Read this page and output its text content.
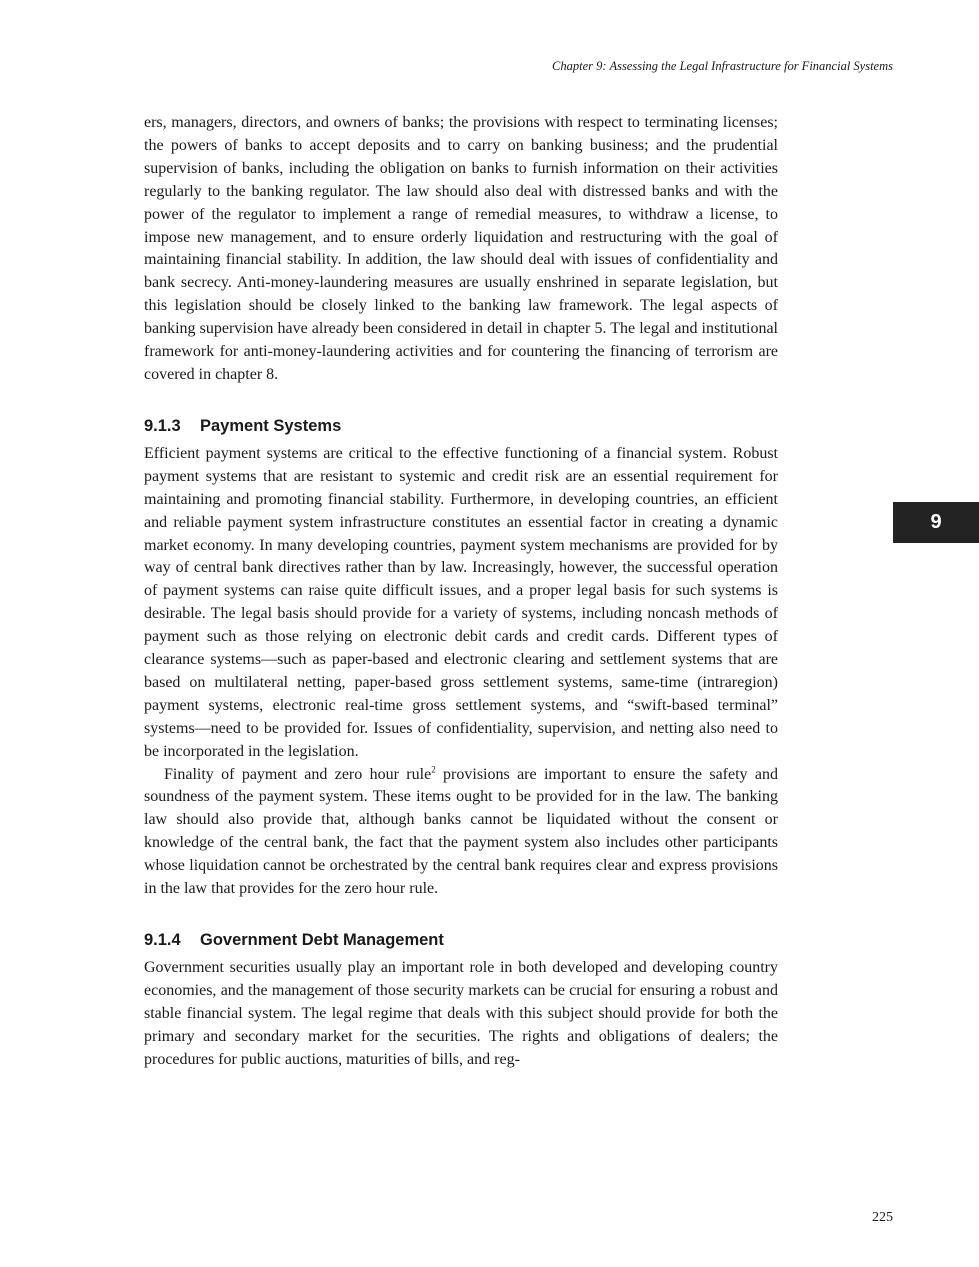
Chapter 9: Assessing the Legal Infrastructure for Financial Systems
9

ers, managers, directors, and owners of banks; the provisions with respect to terminating licenses; the powers of banks to accept deposits and to carry on banking business; and the prudential supervision of banks, including the obligation on banks to furnish information on their activities regularly to the banking regulator. The law should also deal with distressed banks and with the power of the regulator to implement a range of remedial measures, to withdraw a license, to impose new management, and to ensure orderly liquidation and restructuring with the goal of maintaining financial stability. In addition, the law should deal with issues of confidentiality and bank secrecy. Anti-money-laundering measures are usually enshrined in separate legislation, but this legislation should be closely linked to the banking law framework. The legal aspects of banking supervision have already been considered in detail in chapter 5. The legal and institutional framework for anti-money-laundering activities and for countering the financing of terrorism are covered in chapter 8.

9.1.3	Payment Systems

Efficient payment systems are critical to the effective functioning of a financial system. Robust payment systems that are resistant to systemic and credit risk are an essential requirement for maintaining and promoting financial stability. Furthermore, in developing countries, an efficient and reliable payment system infrastructure constitutes an essential factor in creating a dynamic market economy. In many developing countries, payment system mechanisms are provided for by way of central bank directives rather than by law. Increasingly, however, the successful operation of payment systems can raise quite difficult issues, and a proper legal basis for such systems is desirable. The legal basis should provide for a variety of systems, including noncash methods of payment such as those relying on electronic debit cards and credit cards. Different types of clearance systems—such as paper-based and electronic clearing and settlement systems that are based on multilateral netting, paper-based gross settlement systems, same-time (intraregion) payment systems, electronic real-time gross settlement systems, and “swift-based terminal” systems—need to be provided for. Issues of confidentiality, supervision, and netting also need to be incorporated in the legislation.

Finality of payment and zero hour rule$^2$ provisions are important to ensure the safety and soundness of the payment system. These items ought to be provided for in the law. The banking law should also provide that, although banks cannot be liquidated without the consent or knowledge of the central bank, the fact that the payment system also includes other participants whose liquidation cannot be orchestrated by the central bank requires clear and express provisions in the law that provides for the zero hour rule.

9.1.4	Government Debt Management

Government securities usually play an important role in both developed and developing country economies, and the management of those security markets can be crucial for ensuring a robust and stable financial system. The legal regime that deals with this subject should provide for both the primary and secondary market for the securities. The rights and obligations of dealers; the procedures for public auctions, maturities of bills, and reg-

225
